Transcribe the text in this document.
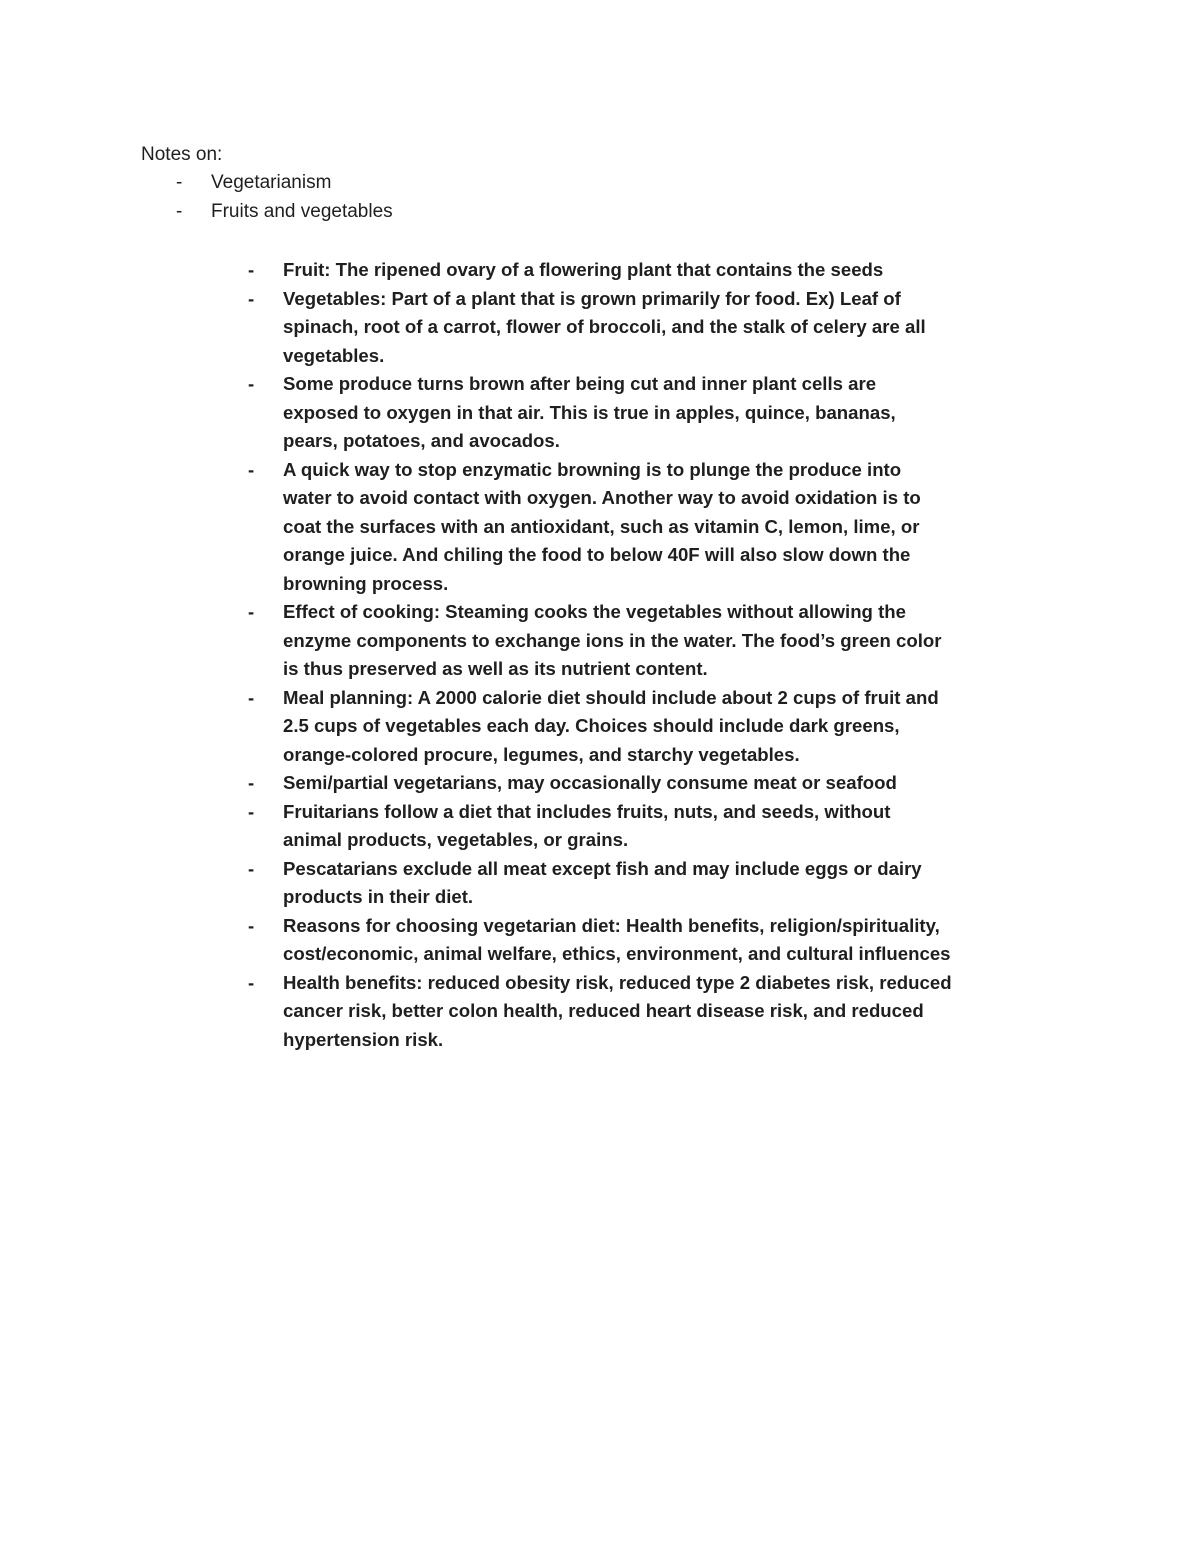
Notes on:

- Vegetarianism
- Fruits and vegetables
- Fruit: The ripened ovary of a flowering plant that contains the seeds
- Vegetables: Part of a plant that is grown primarily for food. Ex) Leaf of
spinach, root of a carrot, flower of broccoli, and the stalk of celery are all
vegetables.
- Some produce turns brown after being cut and inner plant cells are
exposed to oxygen in that air. This is true in apples, quince, bananas,
pears, potatoes, and avocados.
- A quick way to stop enzymatic browning is to plunge the produce into
water to avoid contact with oxygen. Another way to avoid oxidation is to
coat the surfaces with an antioxidant, such as vitamin C, lemon, lime, or
orange juice. And chiling the food to below 40F will also slow down the
browning process.
- Effect of cooking: Steaming cooks the vegetables without allowing the
enzyme components to exchange ions in the water. The food’s green color
is thus preserved as well as its nutrient content.
- Meal planning: A 2000 calorie diet should include about 2 cups of fruit and
2.5 cups of vegetables each day. Choices should include dark greens,
orange-colored procure, legumes, and starchy vegetables.
- Semi/partial vegetarians, may occasionally consume meat or seafood
- Fruitarians follow a diet that includes fruits, nuts, and seeds, without
animal products, vegetables, or grains.
- Pescatarians exclude all meat except fish and may include eggs or dairy
products in their diet.
- Reasons for choosing vegetarian diet: Health benefits, religion/spirituality,
cost/economic, animal welfare, ethics, environment, and cultural influences
- Health benefits: reduced obesity risk, reduced type 2 diabetes risk, reduced
cancer risk, better colon health, reduced heart disease risk, and reduced
hypertension risk.
